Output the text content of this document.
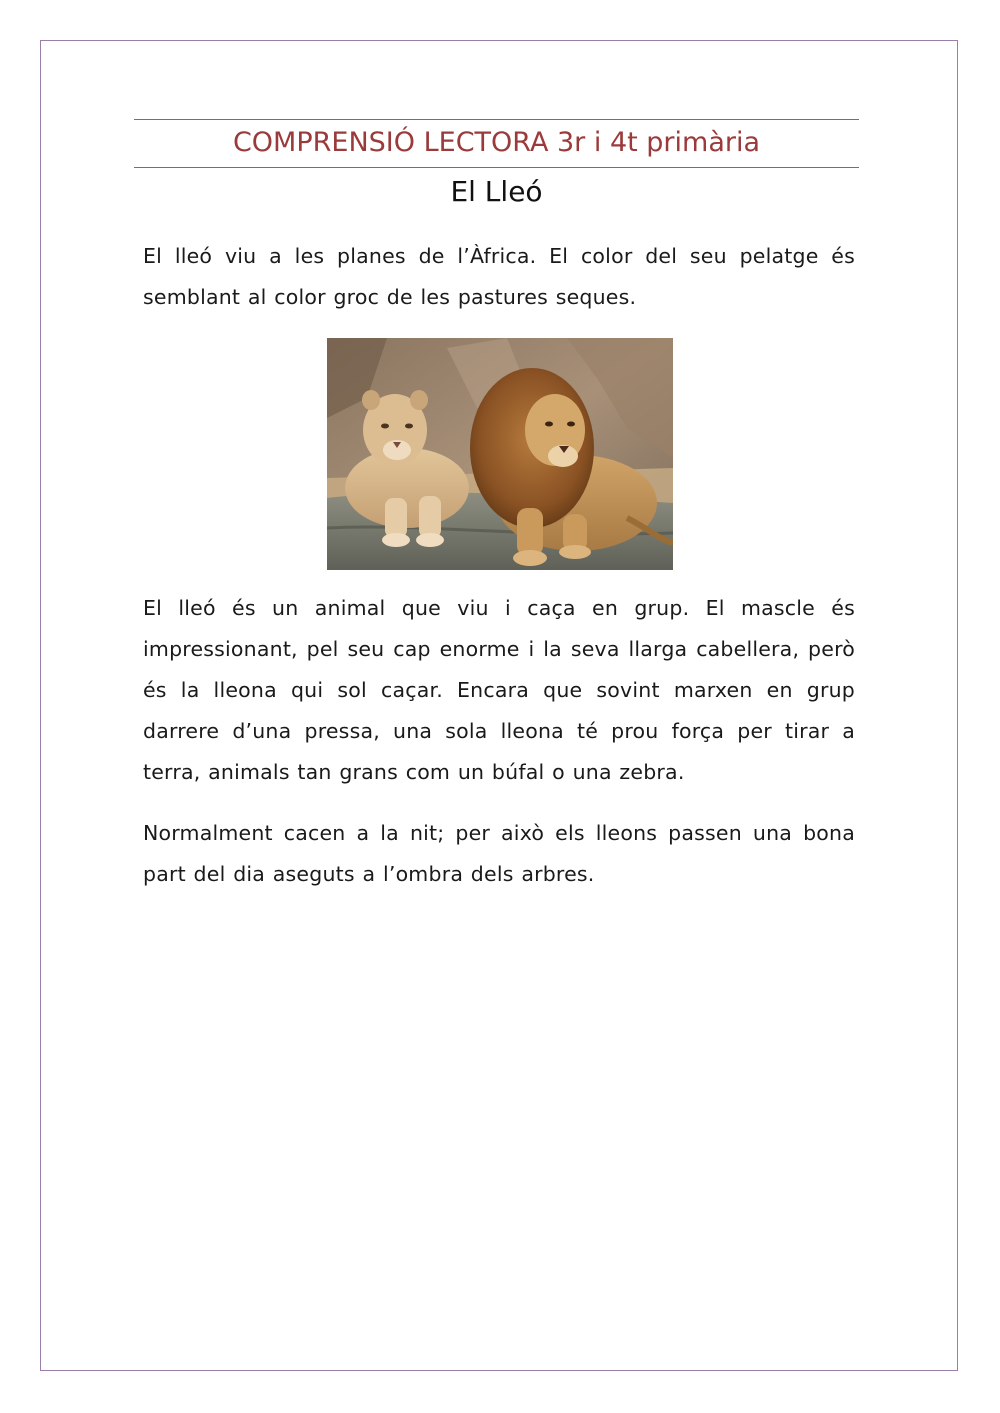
COMPRENSIÓ LECTORA 3r i 4t primària
El Lleó

El lleó viu a les planes de l’Àfrica. El color del seu pelatge és semblant al color groc de les pastures seques.

El lleó és un animal que viu i caça en grup. El mascle és impressionant, pel seu cap enorme i la seva llarga cabellera, però és la lleona qui sol caçar. Encara que sovint marxen en grup darrere d’una pressa, una sola lleona té prou força per tirar a terra, animals tan grans com un búfal o una zebra.

Normalment cacen a la nit; per això els lleons passen una bona part del dia aseguts a l’ombra dels arbres.
